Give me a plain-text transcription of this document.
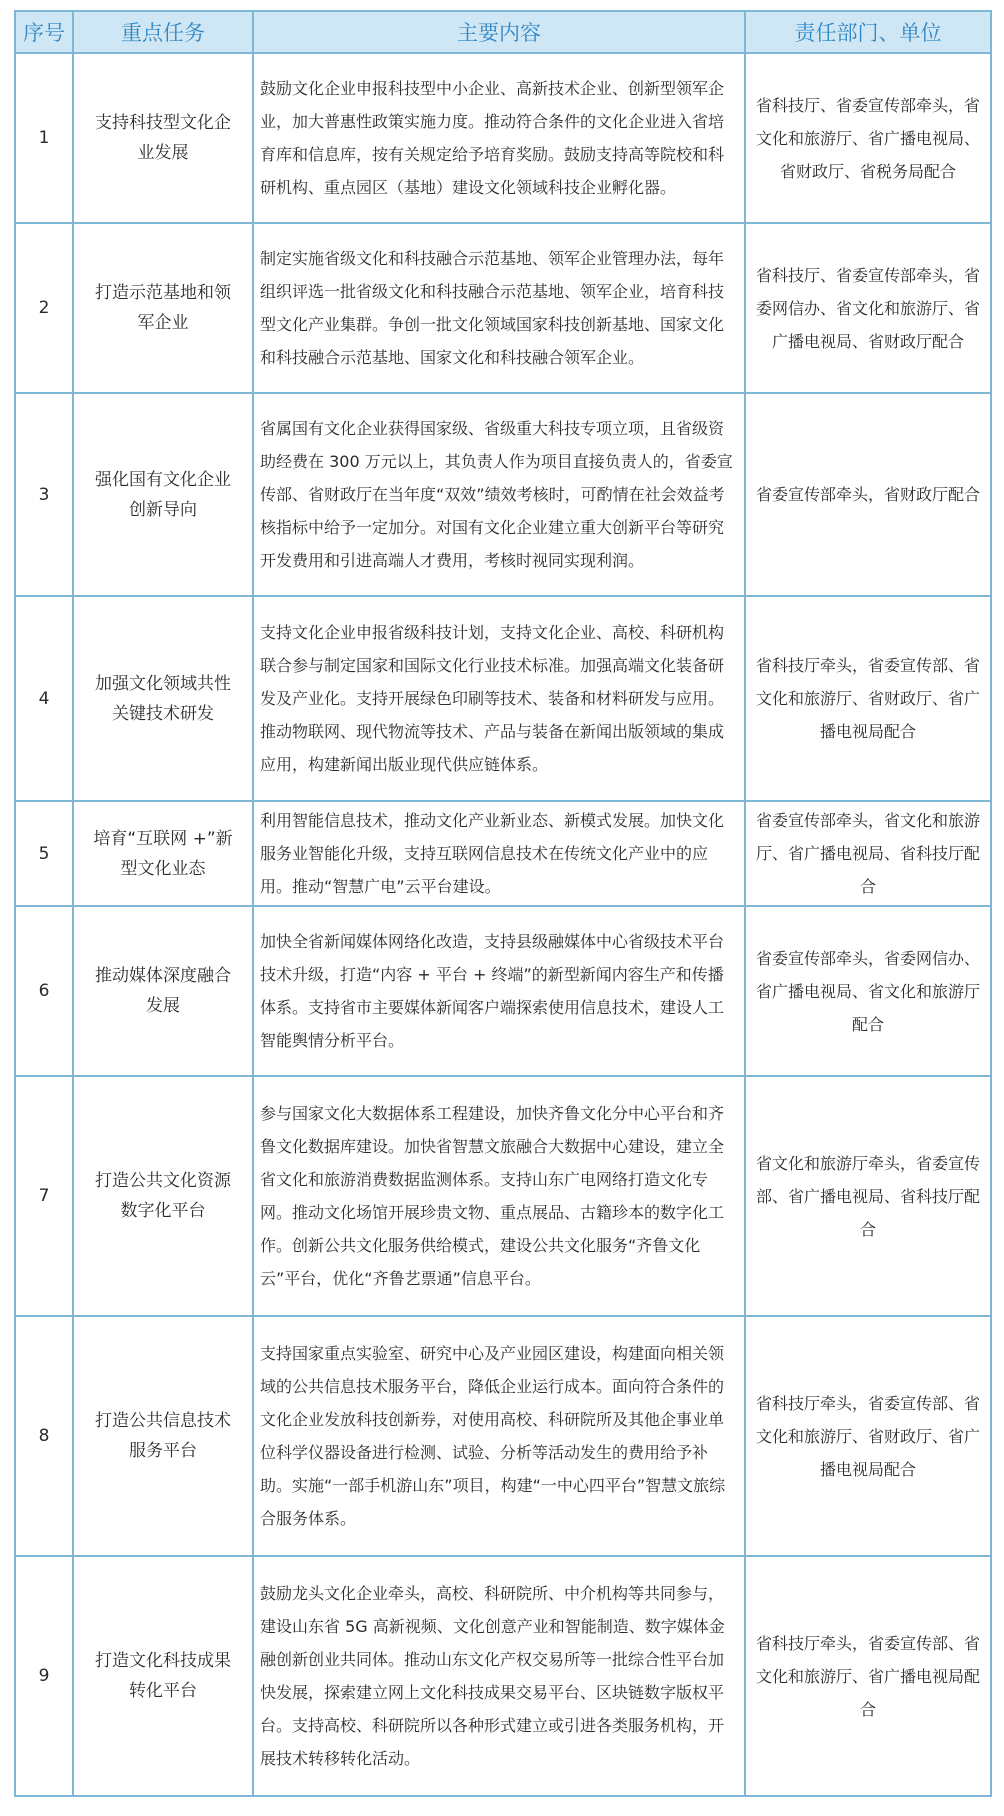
序号	重点任务	主要内容	责任部门、单位
1	支持科技型文化企业发展	鼓励文化企业申报科技型中小企业、高新技术企业、创新型领军企业，加大普惠性政策实施力度。推动符合条件的文化企业进入省培育库和信息库，按有关规定给予培育奖励。鼓励支持高等院校和科研机构、重点园区（基地）建设文化领域科技企业孵化器。	省科技厅、省委宣传部牵头，省文化和旅游厅、省广播电视局、省财政厅、省税务局配合
2	打造示范基地和领军企业	制定实施省级文化和科技融合示范基地、领军企业管理办法，每年组织评选一批省级文化和科技融合示范基地、领军企业，培育科技型文化产业集群。争创一批文化领域国家科技创新基地、国家文化和科技融合示范基地、国家文化和科技融合领军企业。	省科技厅、省委宣传部牵头，省委网信办、省文化和旅游厅、省广播电视局、省财政厅配合
3	强化国有文化企业创新导向	省属国有文化企业获得国家级、省级重大科技专项立项，且省级资助经费在 300 万元以上，其负责人作为项目直接负责人的，省委宣传部、省财政厅在当年度“双效”绩效考核时，可酌情在社会效益考核指标中给予一定加分。对国有文化企业建立重大创新平台等研究开发费用和引进高端人才费用，考核时视同实现利润。	省委宣传部牵头，省财政厅配合
4	加强文化领域共性关键技术研发	支持文化企业申报省级科技计划，支持文化企业、高校、科研机构联合参与制定国家和国际文化行业技术标准。加强高端文化装备研发及产业化。支持开展绿色印刷等技术、装备和材料研发与应用。推动物联网、现代物流等技术、产品与装备在新闻出版领域的集成应用，构建新闻出版业现代供应链体系。	省科技厅牵头，省委宣传部、省文化和旅游厅、省财政厅、省广播电视局配合
5	培育“互联网 +”新型文化业态	利用智能信息技术，推动文化产业新业态、新模式发展。加快文化服务业智能化升级，支持互联网信息技术在传统文化产业中的应用。推动“智慧广电”云平台建设。	省委宣传部牵头，省文化和旅游厅、省广播电视局、省科技厅配合
6	推动媒体深度融合发展	加快全省新闻媒体网络化改造，支持县级融媒体中心省级技术平台技术升级，打造“内容 + 平台 + 终端”的新型新闻内容生产和传播体系。支持省市主要媒体新闻客户端探索使用信息技术，建设人工智能舆情分析平台。	省委宣传部牵头，省委网信办、省广播电视局、省文化和旅游厅配合
7	打造公共文化资源数字化平台	参与国家文化大数据体系工程建设，加快齐鲁文化分中心平台和齐鲁文化数据库建设。加快省智慧文旅融合大数据中心建设，建立全省文化和旅游消费数据监测体系。支持山东广电网络打造文化专网。推动文化场馆开展珍贵文物、重点展品、古籍珍本的数字化工作。创新公共文化服务供给模式，建设公共文化服务“齐鲁文化云”平台，优化“齐鲁艺票通”信息平台。	省文化和旅游厅牵头，省委宣传部、省广播电视局、省科技厅配合
8	打造公共信息技术服务平台	支持国家重点实验室、研究中心及产业园区建设，构建面向相关领域的公共信息技术服务平台，降低企业运行成本。面向符合条件的文化企业发放科技创新券，对使用高校、科研院所及其他企事业单位科学仪器设备进行检测、试验、分析等活动发生的费用给予补助。实施“一部手机游山东”项目，构建“一中心四平台”智慧文旅综合服务体系。	省科技厅牵头，省委宣传部、省文化和旅游厅、省财政厅、省广播电视局配合
9	打造文化科技成果转化平台	鼓励龙头文化企业牵头，高校、科研院所、中介机构等共同参与，建设山东省 5G 高新视频、文化创意产业和智能制造、数字媒体金融创新创业共同体。推动山东文化产权交易所等一批综合性平台加快发展，探索建立网上文化科技成果交易平台、区块链数字版权平台。支持高校、科研院所以各种形式建立或引进各类服务机构，开展技术转移转化活动。	省科技厅牵头，省委宣传部、省文化和旅游厅、省广播电视局配合
